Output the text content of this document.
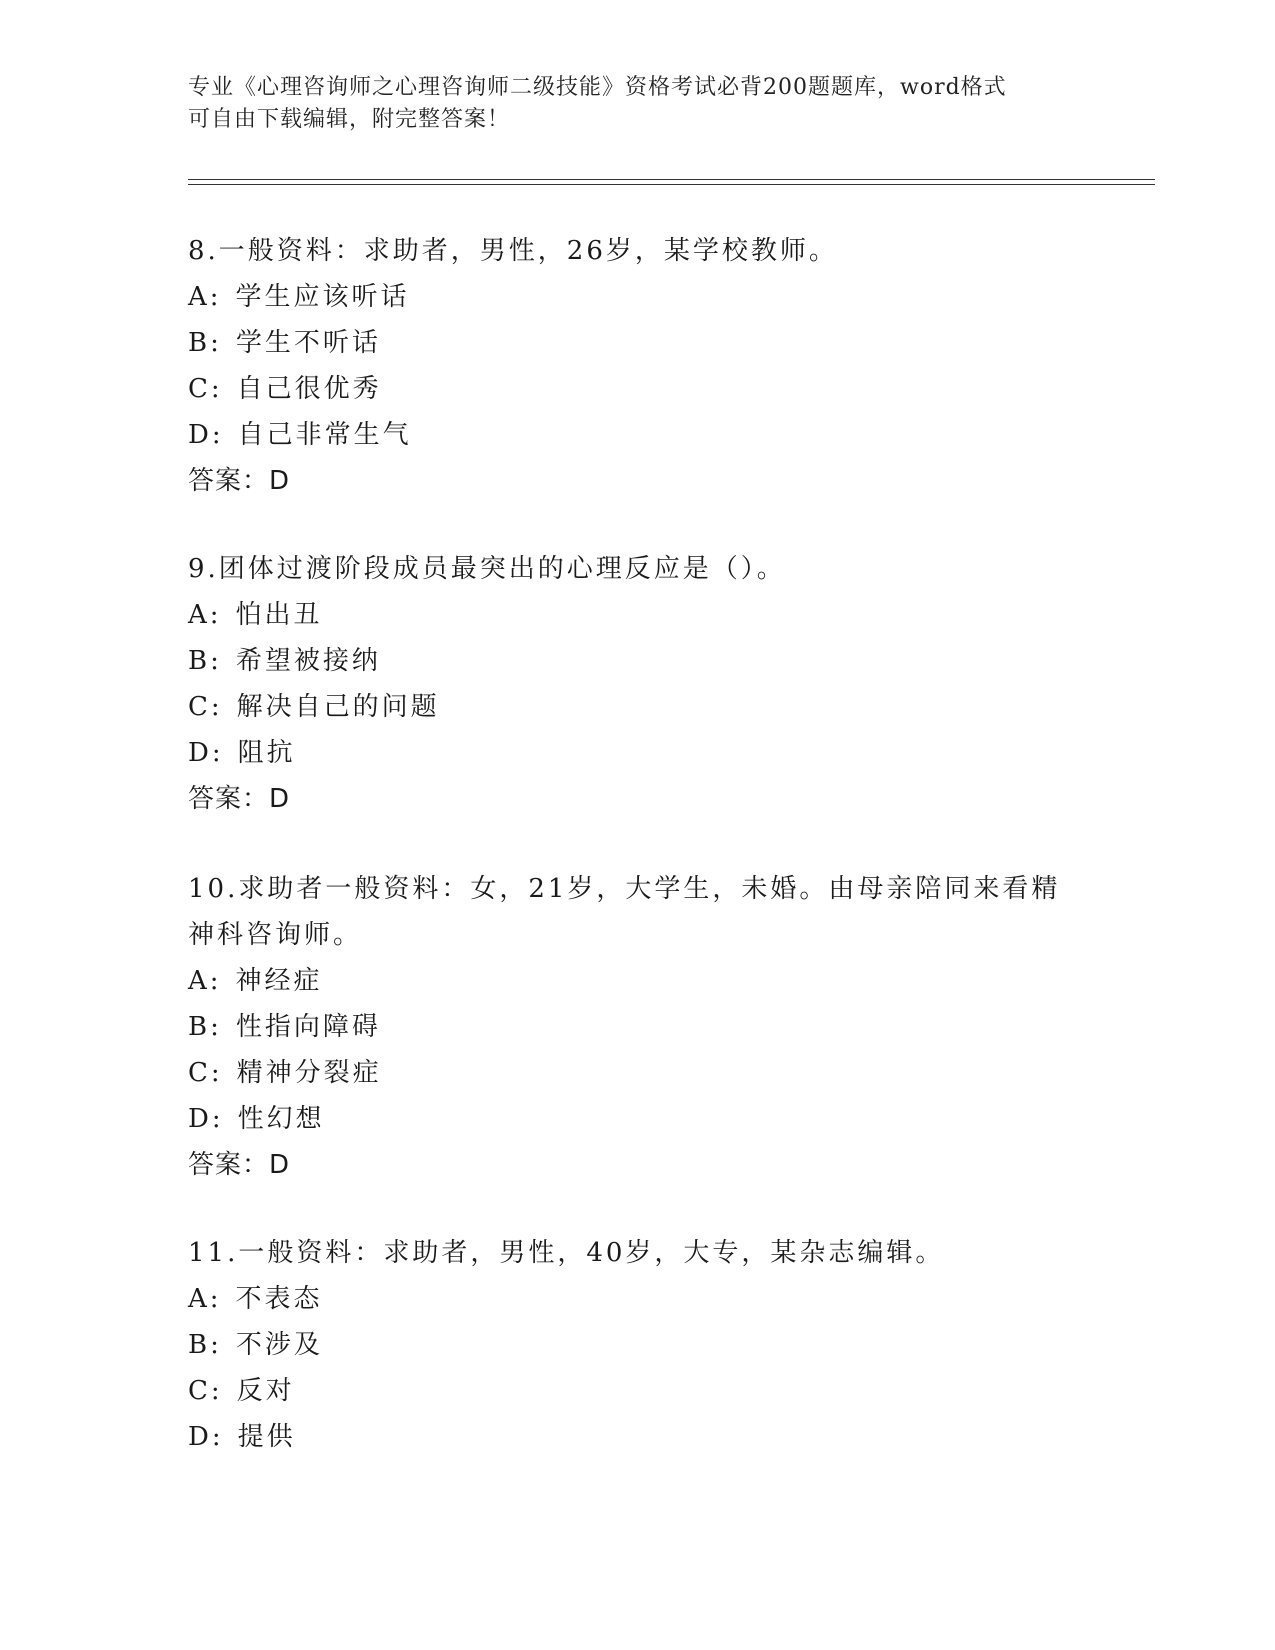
专业《心理咨询师之心理咨询师二级技能》资格考试必背200题题库，word格式
可自由下载编辑，附完整答案！

8.一般资料：求助者，男性，26岁，某学校教师。

A: 学生应该听话

B: 学生不听话

C: 自己很优秀

D: 自己非常生气

答案：D

9.团体过渡阶段成员最突出的心理反应是（）。

A: 怕出丑

B: 希望被接纳

C: 解决自己的问题

D: 阻抗

答案：D

10.求助者一般资料：女，21岁，大学生，未婚。由母亲陪同来看精神科咨询师。

A: 神经症

B: 性指向障碍

C: 精神分裂症

D: 性幻想

答案：D

11.一般资料：求助者，男性，40岁，大专，某杂志编辑。

A: 不表态

B: 不涉及

C: 反对

D: 提供
